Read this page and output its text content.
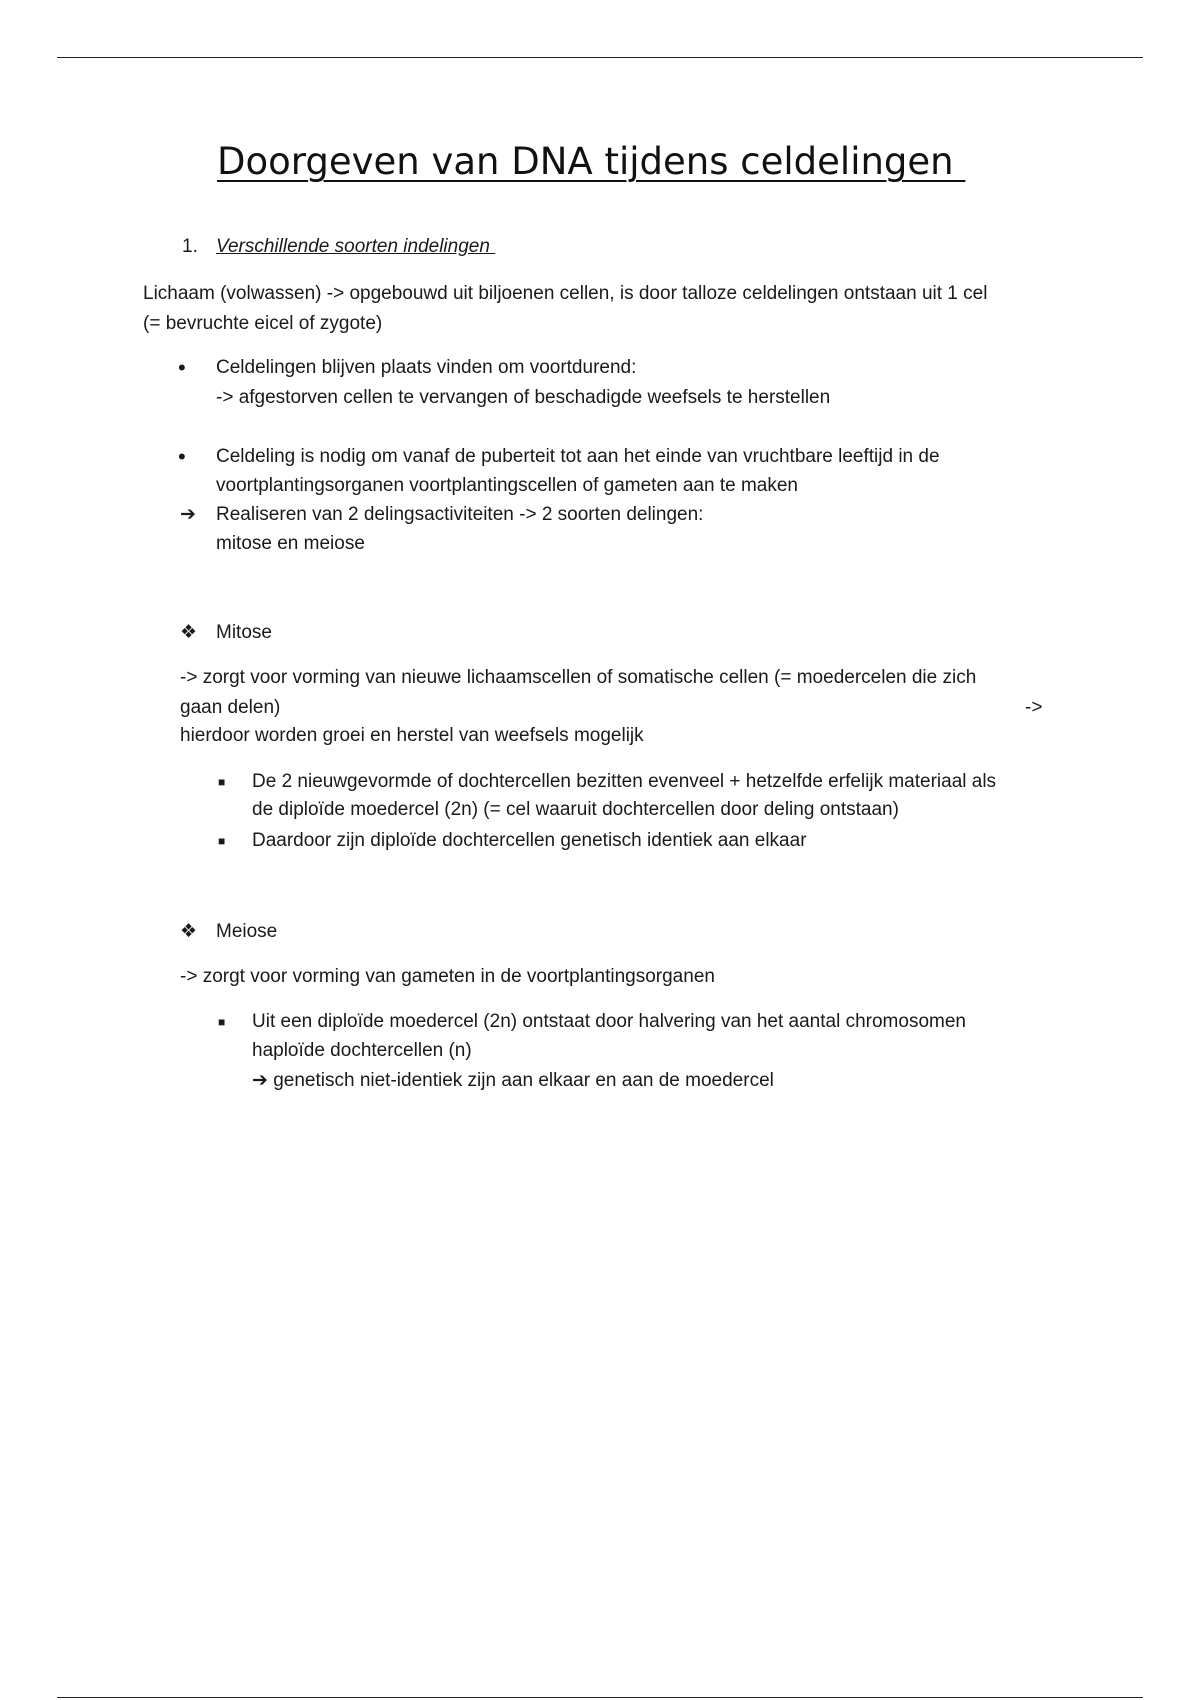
Doorgeven van DNA tijdens celdelingen
1. Verschillende soorten indelingen
Lichaam (volwassen) -> opgebouwd uit biljoenen cellen, is door talloze celdelingen ontstaan uit 1 cel
(= bevruchte eicel of zygote)
• Celdelingen blijven plaats vinden om voortdurend:
-> afgestorven cellen te vervangen of beschadigde weefsels te herstellen
• Celdeling is nodig om vanaf de puberteit tot aan het einde van vruchtbare leeftijd in de
voortplantingsorganen voortplantingscellen of gameten aan te maken
➔ Realiseren van 2 delingsactiviteiten -> 2 soorten delingen:
mitose en meiose
❖ Mitose
-> zorgt voor vorming van nieuwe lichaamscellen of somatische cellen (= moedercelen die zich
gaan delen)	->
hierdoor worden groei en herstel van weefsels mogelijk
■ De 2 nieuwgevormde of dochtercellen bezitten evenveel + hetzelfde erfelijk materiaal als
de diploïde moedercel (2n) (= cel waaruit dochtercellen door deling ontstaan)
■ Daardoor zijn diploïde dochtercellen genetisch identiek aan elkaar
❖ Meiose
-> zorgt voor vorming van gameten in de voortplantingsorganen
■ Uit een diploïde moedercel (2n) ontstaat door halvering van het aantal chromosomen
haploïde dochtercellen (n)
➔ genetisch niet-identiek zijn aan elkaar en aan de moedercel
